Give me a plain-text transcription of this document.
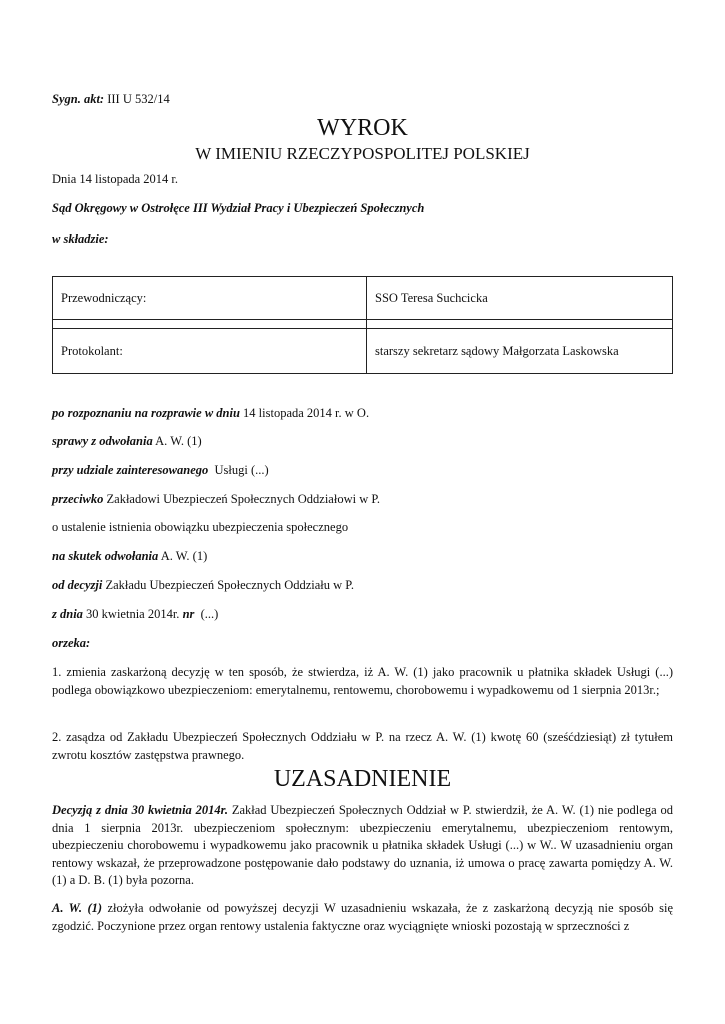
Sygn. akt: III U 532/14
WYROK
W IMIENIU RZECZYPOSPOLITEJ POLSKIEJ
Dnia 14 listopada 2014 r.
Sąd Okręgowy w Ostrołęce III Wydział Pracy i Ubezpieczeń Społecznych
w składzie:
Przewodniczący:	SSO Teresa Suchcicka

Protokolant:	starszy sekretarz sądowy Małgorzata Laskowska
po rozpoznaniu na rozprawie w dniu 14 listopada 2014 r. w O.
sprawy z odwołania A. W. (1)
przy udziale zainteresowanego  Usługi (...)
przeciwko Zakładowi Ubezpieczeń Społecznych Oddziałowi w P.
o ustalenie istnienia obowiązku ubezpieczenia społecznego
na skutek odwołania A. W. (1)
od decyzji Zakładu Ubezpieczeń Społecznych Oddziału w P.
z dnia 30 kwietnia 2014r. nr  (...)
orzeka:
1. zmienia zaskarżoną decyzję w ten sposób, że stwierdza, iż A. W. (1) jako pracownik u płatnika składek Usługi (...) podlega obowiązkowo ubezpieczeniom: emerytalnemu, rentowemu, chorobowemu i wypadkowemu od 1 sierpnia 2013r.;
2. zasądza od Zakładu Ubezpieczeń Społecznych Oddziału w P. na rzecz A. W. (1) kwotę 60 (sześćdziesiąt) zł tytułem zwrotu kosztów zastępstwa prawnego.
UZASADNIENIE
Decyzją z dnia 30 kwietnia 2014r. Zakład Ubezpieczeń Społecznych Oddział w P. stwierdził, że A. W. (1) nie podlega od dnia 1 sierpnia 2013r. ubezpieczeniom społecznym: ubezpieczeniu emerytalnemu, ubezpieczeniom rentowym, ubezpieczeniu chorobowemu i wypadkowemu jako pracownik u płatnika składek Usługi (...) w W.. W uzasadnieniu organ rentowy wskazał, że przeprowadzone postępowanie dało podstawy do uznania, iż umowa o pracę zawarta pomiędzy A. W. (1) a D. B. (1) była pozorna.
A. W. (1) złożyła odwołanie od powyższej decyzji W uzasadnieniu wskazała, że z zaskarżoną decyzją nie sposób się zgodzić. Poczynione przez organ rentowy ustalenia faktyczne oraz wyciągnięte wnioski pozostają w sprzeczności z
